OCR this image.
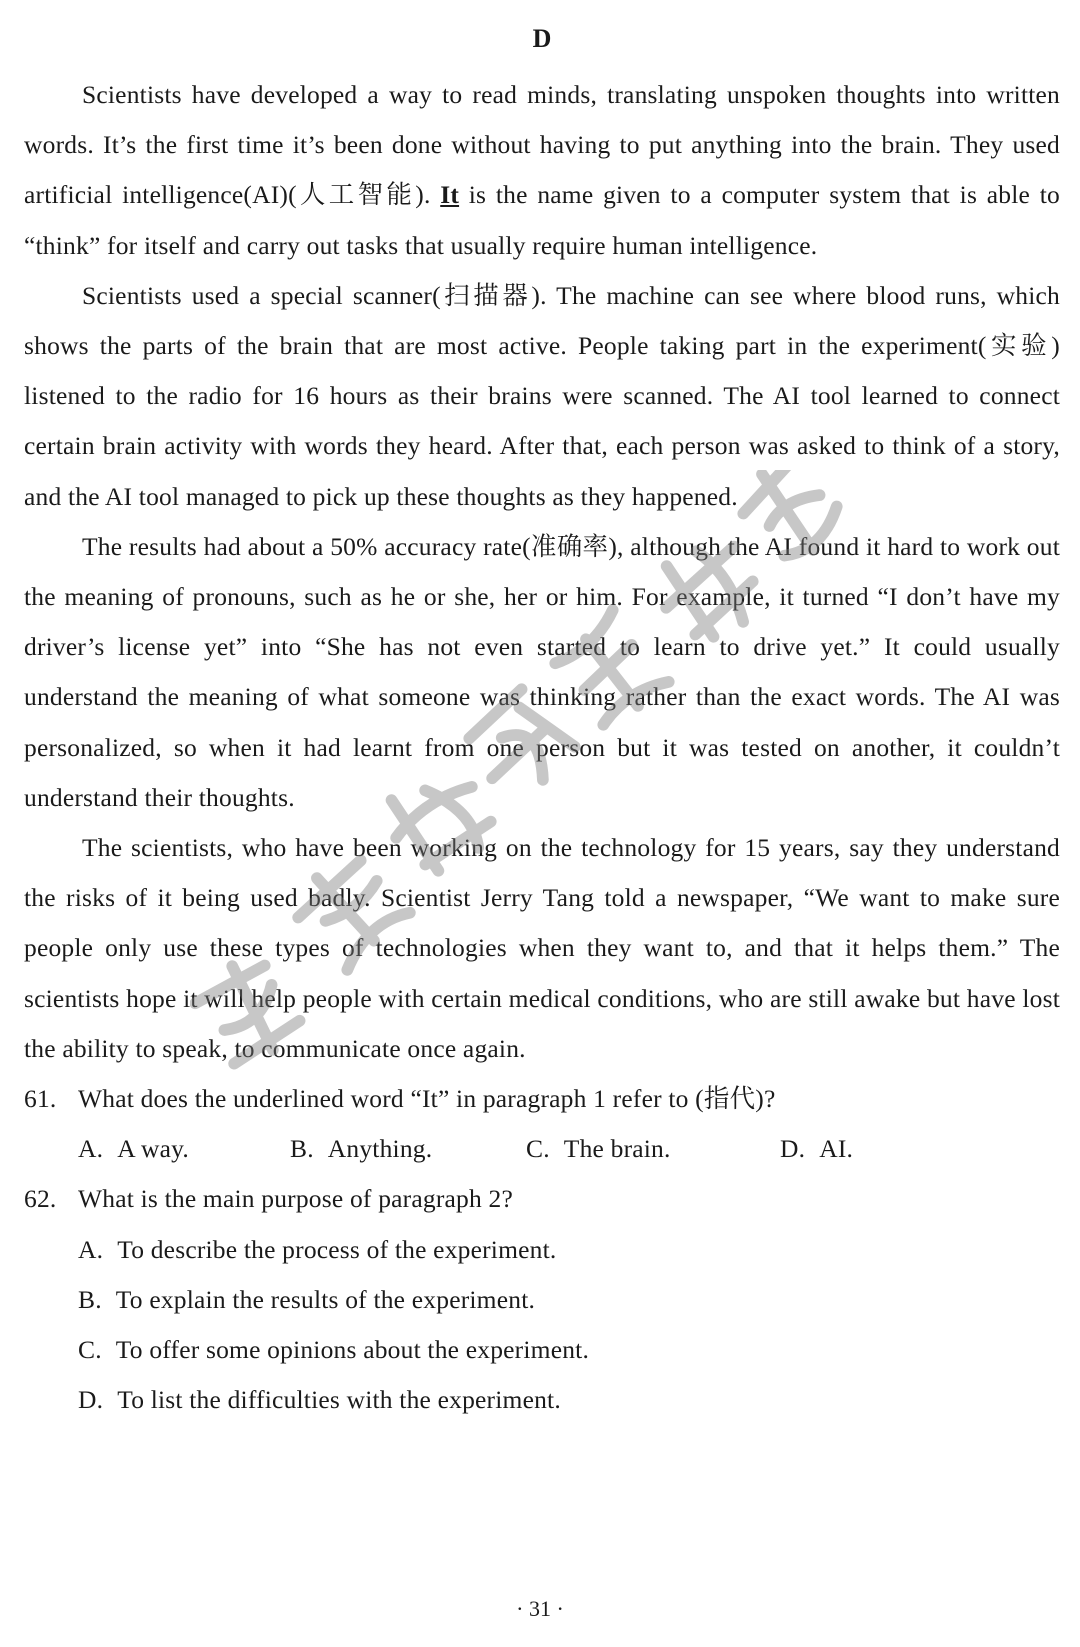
D

Scientists have developed a way to read minds, translating unspoken thoughts into written words. It’s the first time it’s been done without having to put anything into the brain. They used artificial intelligence(AI)(人工智能). It is the name given to a computer system that is able to “think” for itself and carry out tasks that usually require human intelligence.

Scientists used a special scanner(扫描器). The machine can see where blood runs, which shows the parts of the brain that are most active. People taking part in the experiment(实验) listened to the radio for 16 hours as their brains were scanned. The AI tool learned to connect certain brain activity with words they heard. After that, each person was asked to think of a story, and the AI tool managed to pick up these thoughts as they happened.

The results had about a 50% accuracy rate(准确率), although the AI found it hard to work out the meaning of pronouns, such as he or she, her or him. For example, it turned “I don’t have my driver’s license yet” into “She has not even started to learn to drive yet.” It could usually understand the meaning of what someone was thinking rather than the exact words. The AI was personalized, so when it had learnt from one person but it was tested on another, it couldn’t understand their thoughts.

The scientists, who have been working on the technology for 15 years, say they understand the risks of it being used badly. Scientist Jerry Tang told a newspaper, “We want to make sure people only use these types of technologies when they want to, and that it helps them.” The scientists hope it will help people with certain medical conditions, who are still awake but have lost the ability to speak, to communicate once again.

61. What does the underlined word “It” in paragraph 1 refer to (指代)?
A. A way.	B. Anything.	C. The brain.	D. AI.
62. What is the main purpose of paragraph 2?

A. To describe the process of the experiment.

B. To explain the results of the experiment.

C. To offer some opinions about the experiment.

D. To list the difficulties with the experiment.

· 31 ·
